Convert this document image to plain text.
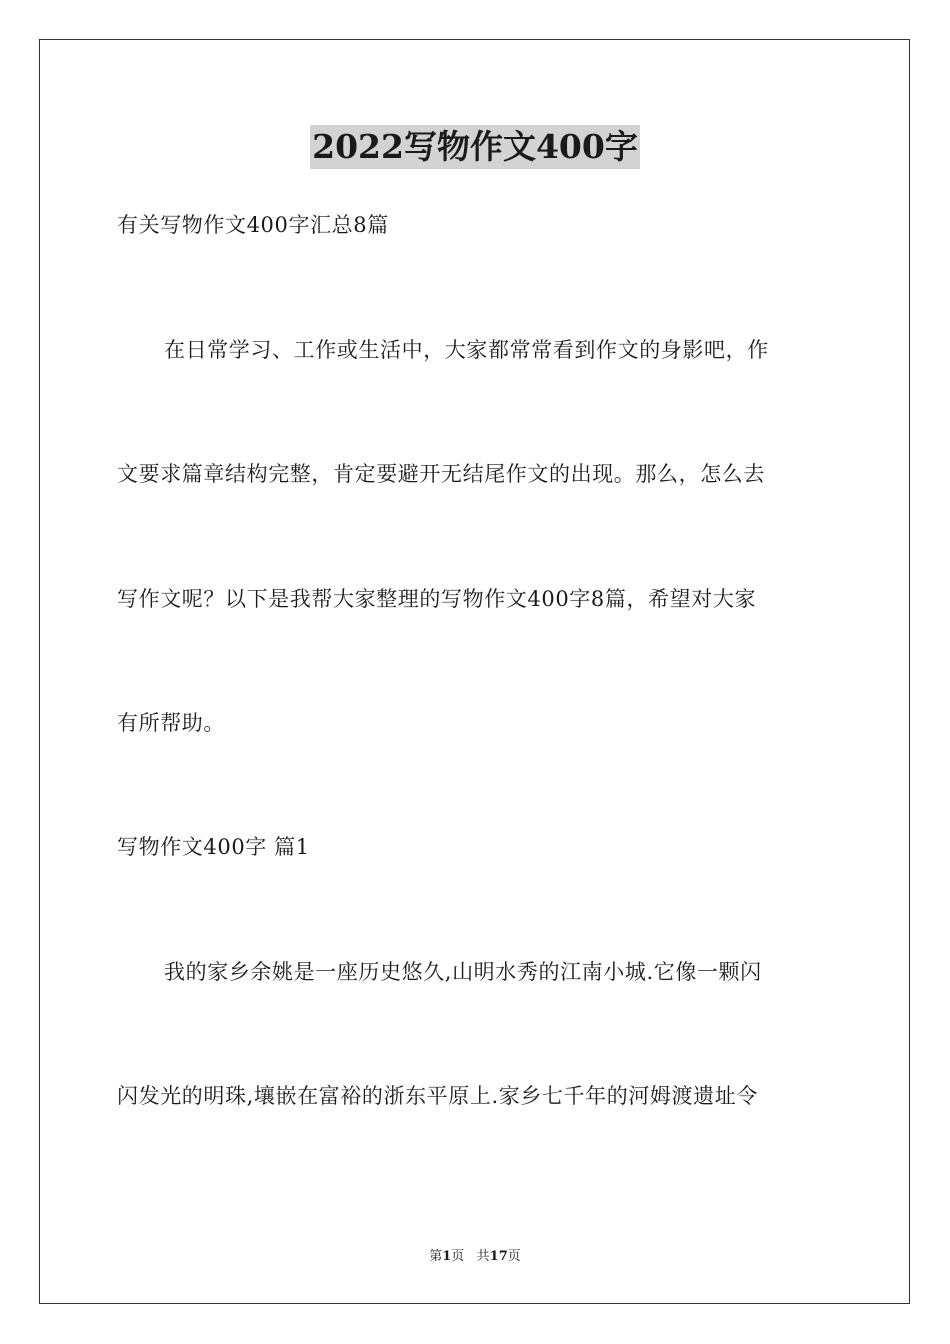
2022写物作文400字
有关写物作文400字汇总8篇
在日常学习、工作或生活中，大家都常常看到作文的身影吧，作
文要求篇章结构完整，肯定要避开无结尾作文的出现。那么，怎么去
写作文呢？以下是我帮大家整理的写物作文400字8篇，希望对大家
有所帮助。
写物作文400字 篇1
我的家乡余姚是一座历史悠久,山明水秀的江南小城.它像一颗闪
闪发光的明珠,壤嵌在富裕的浙东平原上.家乡七千年的河姆渡遗址令
第1页   共17页
